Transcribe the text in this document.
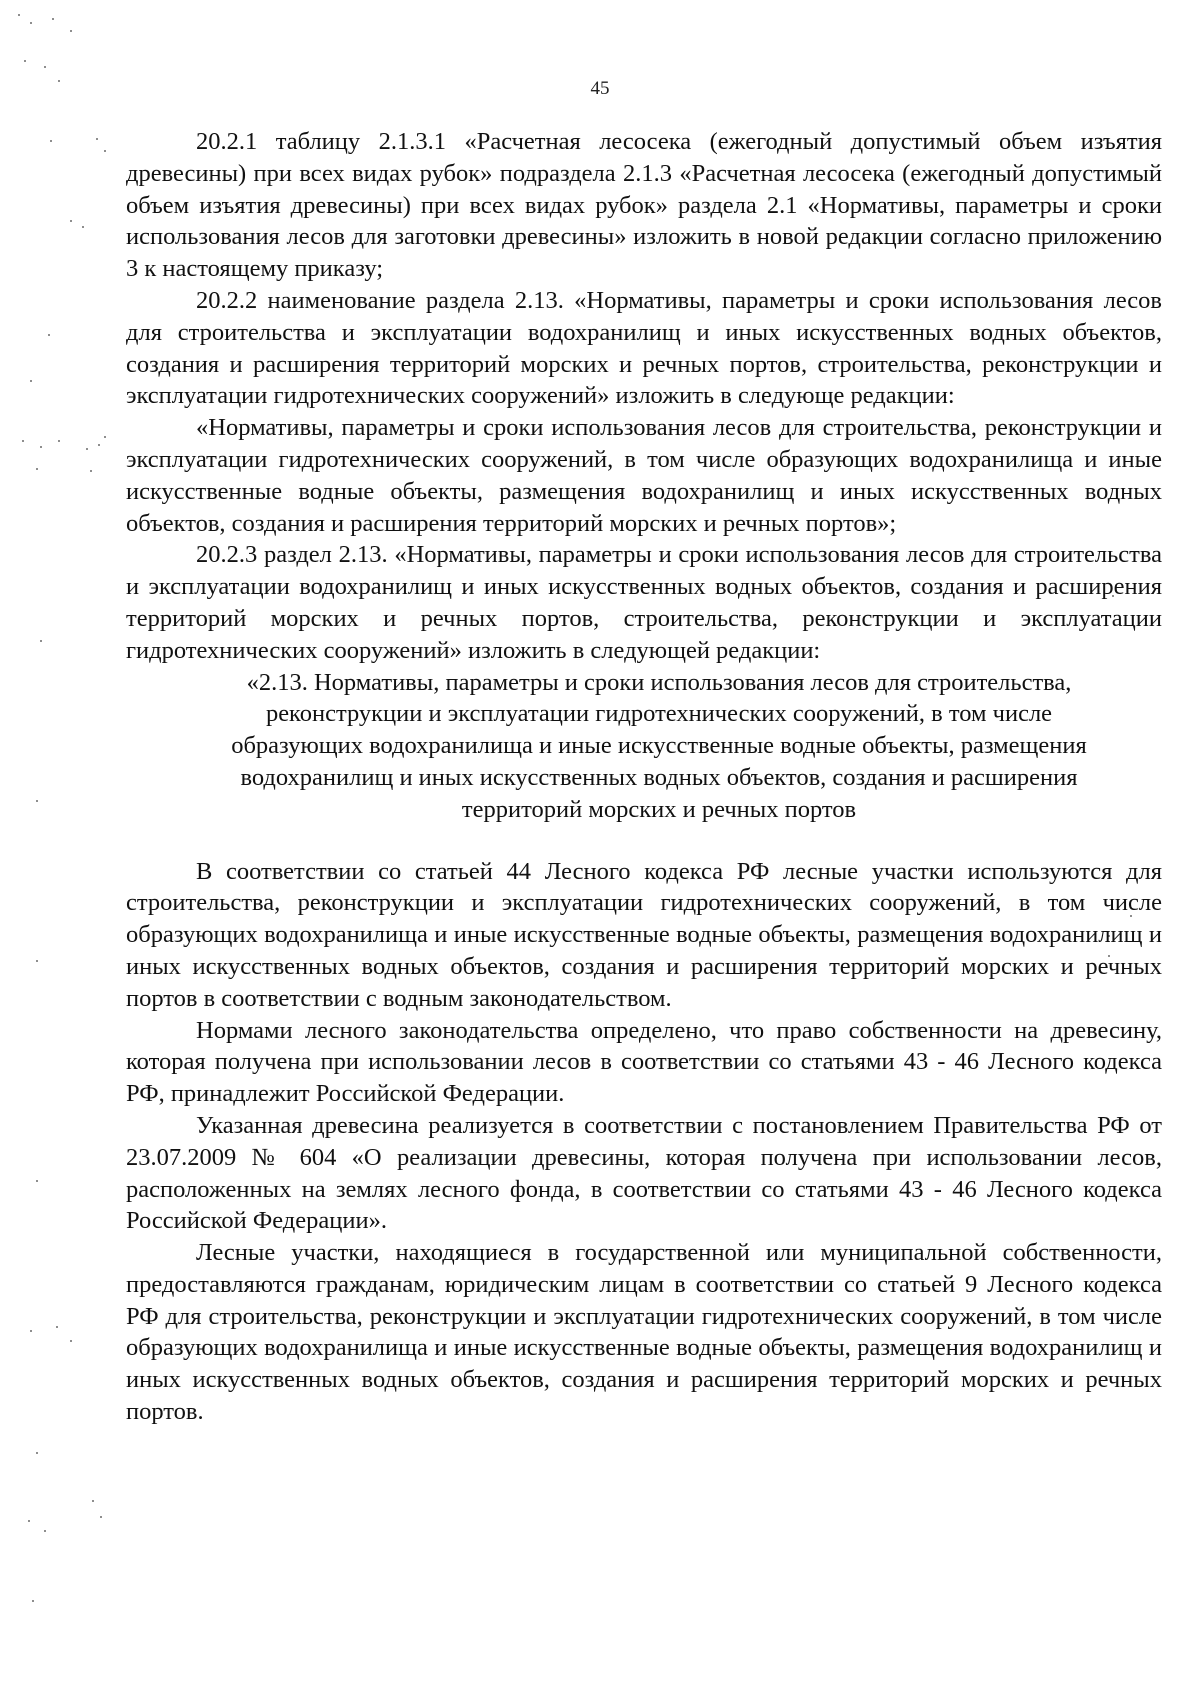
45

20.2.1 таблицу 2.1.3.1 «Расчетная лесосека (ежегодный допустимый объем изъятия древесины) при всех видах рубок» подраздела 2.1.3 «Расчетная лесосека (ежегодный допустимый объем изъятия древесины) при всех видах рубок» раздела 2.1 «Нормативы, параметры и сроки использования лесов для заготовки древесины» изложить в новой редакции согласно приложению 3 к настоящему приказу;

20.2.2 наименование раздела 2.13. «Нормативы, параметры и сроки использования лесов для строительства и эксплуатации водохранилищ и иных искусственных водных объектов, создания и расширения территорий морских и речных портов, строительства, реконструкции и эксплуатации гидротехнических сооружений» изложить в следующе редакции:

«Нормативы, параметры и сроки использования лесов для строительства, реконструкции и эксплуатации гидротехнических сооружений, в том числе образующих водохранилища и иные искусственные водные объекты, размещения водохранилищ и иных искусственных водных объектов, создания и расширения территорий морских и речных портов»;

20.2.3 раздел 2.13. «Нормативы, параметры и сроки использования лесов для строительства и эксплуатации водохранилищ и иных искусственных водных объектов, создания и расширения территорий морских и речных портов, строительства, реконструкции и эксплуатации гидротехнических сооружений» изложить в следующей редакции:

«2.13. Нормативы, параметры и сроки использования лесов для строительства,

реконструкции и эксплуатации гидротехнических сооружений, в том числе

образующих водохранилища и иные искусственные водные объекты, размещения

водохранилищ и иных искусственных водных объектов, создания и расширения

территорий морских и речных портов

В соответствии со статьей 44 Лесного кодекса РФ лесные участки используются для строительства, реконструкции и эксплуатации гидротехнических сооружений, в том числе образующих водохранилища и иные искусственные водные объекты, размещения водохранилищ и иных искусственных водных объектов, создания и расширения территорий морских и речных портов в соответствии с водным законодательством.

Нормами лесного законодательства определено, что право собственности на древесину, которая получена при использовании лесов в соответствии со статьями 43 - 46 Лесного кодекса РФ, принадлежит Российской Федерации.

Указанная древесина реализуется в соответствии с постановлением Правительства РФ от 23.07.2009 № 604 «О реализации древесины, которая получена при использовании лесов, расположенных на землях лесного фонда, в соответствии со статьями 43 - 46 Лесного кодекса Российской Федерации».

Лесные участки, находящиеся в государственной или муниципальной собственности, предоставляются гражданам, юридическим лицам в соответствии со статьей 9 Лесного кодекса РФ для строительства, реконструкции и эксплуатации гидротехнических сооружений, в том числе образующих водохранилища и иные искусственные водные объекты, размещения водохранилищ и иных искусственных водных объектов, создания и расширения территорий морских и речных портов.
